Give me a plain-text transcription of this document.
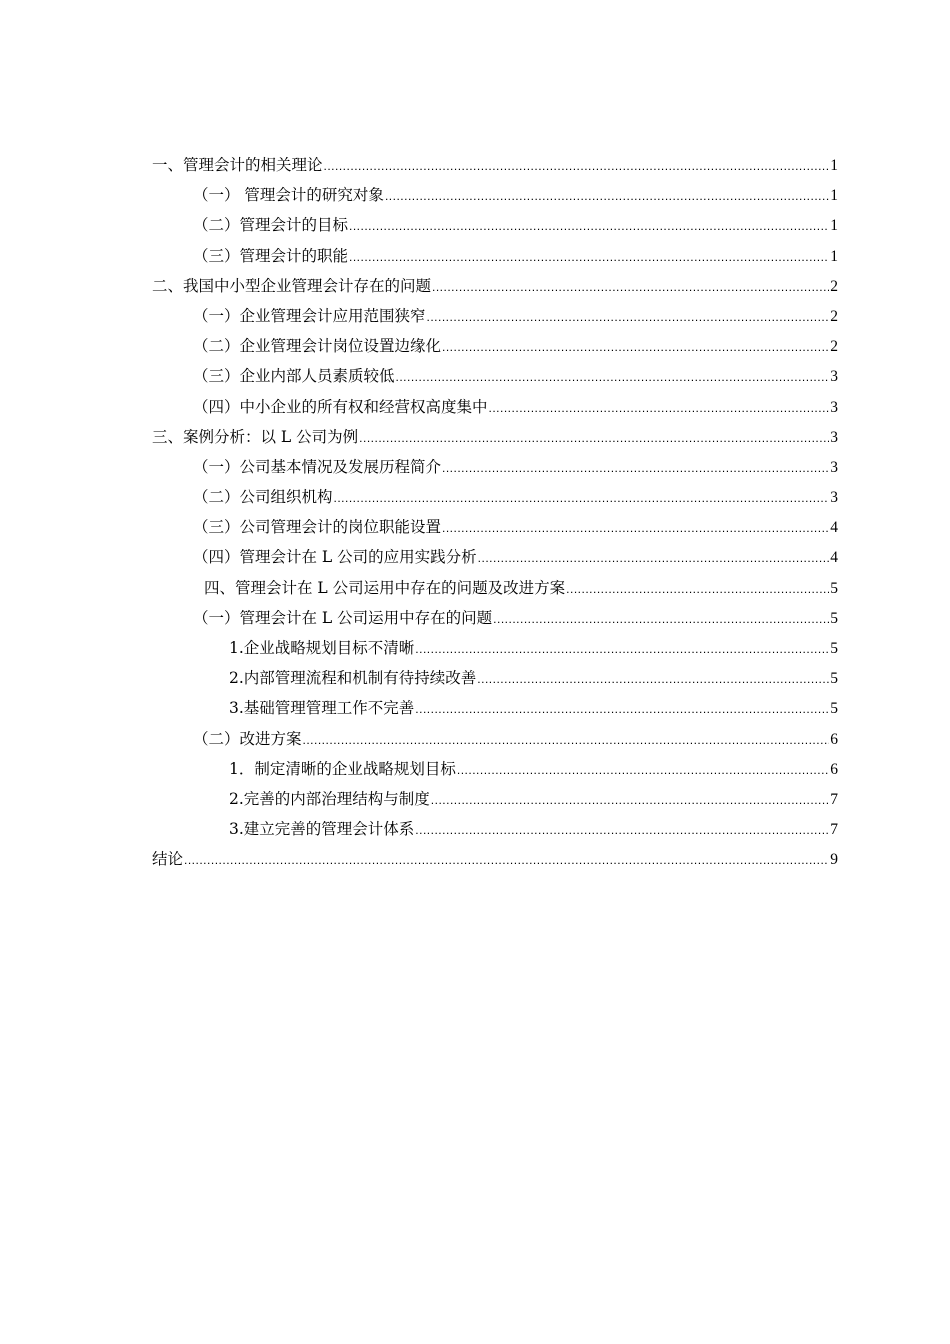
一、管理会计的相关理论 .....	1
（一） 管理会计的研究对象 .....	1
（二）管理会计的目标 .....	1
（三）管理会计的职能 .....	1
二、我国中小型企业管理会计存在的问题 .....	2
（一）企业管理会计应用范围狭窄 .....	2
（二）企业管理会计岗位设置边缘化 .....	2
（三）企业内部人员素质较低 .....	3
（四）中小企业的所有权和经营权高度集中 .....	3
三、案例分析：以 L 公司为例 .....	3
（一）公司基本情况及发展历程简介 .....	3
（二）公司组织机构 .....	3
（三）公司管理会计的岗位职能设置 .....	4
（四）管理会计在 L 公司的应用实践分析 .....	4
四、管理会计在 L 公司运用中存在的问题及改进方案 .....	5
（一）管理会计在 L 公司运用中存在的问题 .....	5
1.企业战略规划目标不清晰 .....	5
2.内部管理流程和机制有待持续改善 .....	5
3.基础管理管理工作不完善 .....	5
（二）改进方案 .....	6
1．制定清晰的企业战略规划目标 .....	6
2.完善的内部治理结构与制度 .....	7
3.建立完善的管理会计体系 .....	7
结论 .....	9
